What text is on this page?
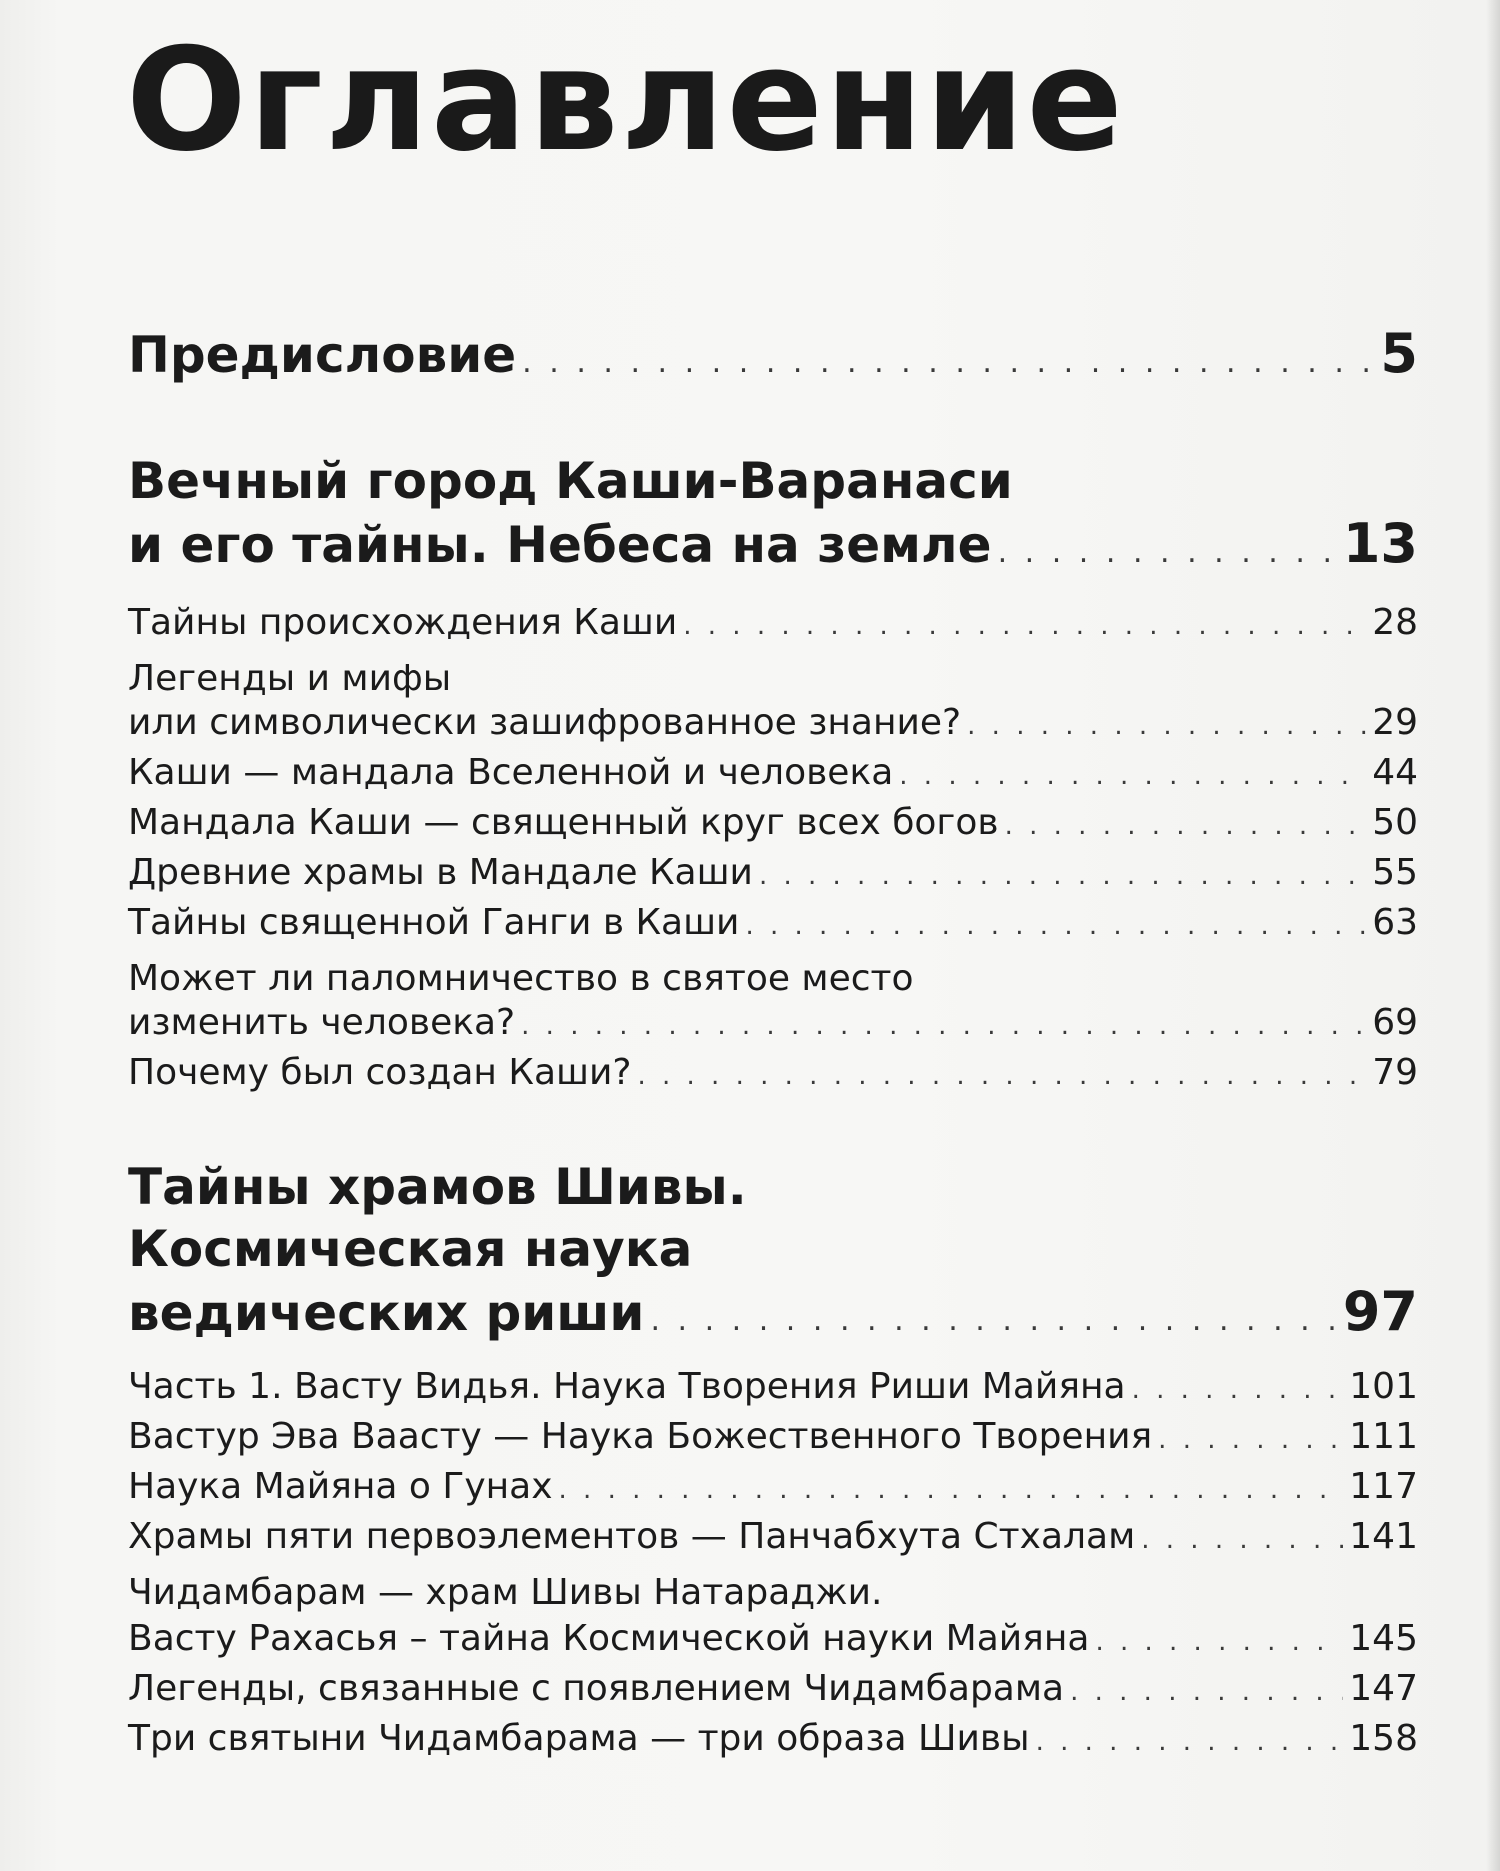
Оглавление
Предисловие . . .	5
Вечный город Каши-Варанаси
и его тайны. Небеса на земле . . .	13
Тайны происхождения Каши . . .	28
Легенды и мифы
или символически зашифрованное знание? . . .	29
Каши — мандала Вселенной и человека . . .	44
Мандала Каши — священный круг всех богов . . .	50
Древние храмы в Мандале Каши . . .	55
Тайны священной Ганги в Каши . . .	63
Может ли паломничество в святое место
изменить человека? . . .	69
Почему был создан Каши? . . .	79
Тайны храмов Шивы.
Космическая наука
ведических риши . . .	97
Часть 1. Васту Видья. Наука Творения Риши Майяна . . .	101
Вастур Эва Ваасту — Наука Божественного Творения . . .	111
Наука Майяна о Гунах . . .	117
Храмы пяти первоэлементов — Панчабхута Стхалам . . .	141
Чидамбарам — храм Шивы Натараджи.
Васту Рахасья – тайна Космической науки Майяна . . .	145
Легенды, связанные с появлением Чидамбарама . . .	147
Три святыни Чидамбарама — три образа Шивы . . .	158
